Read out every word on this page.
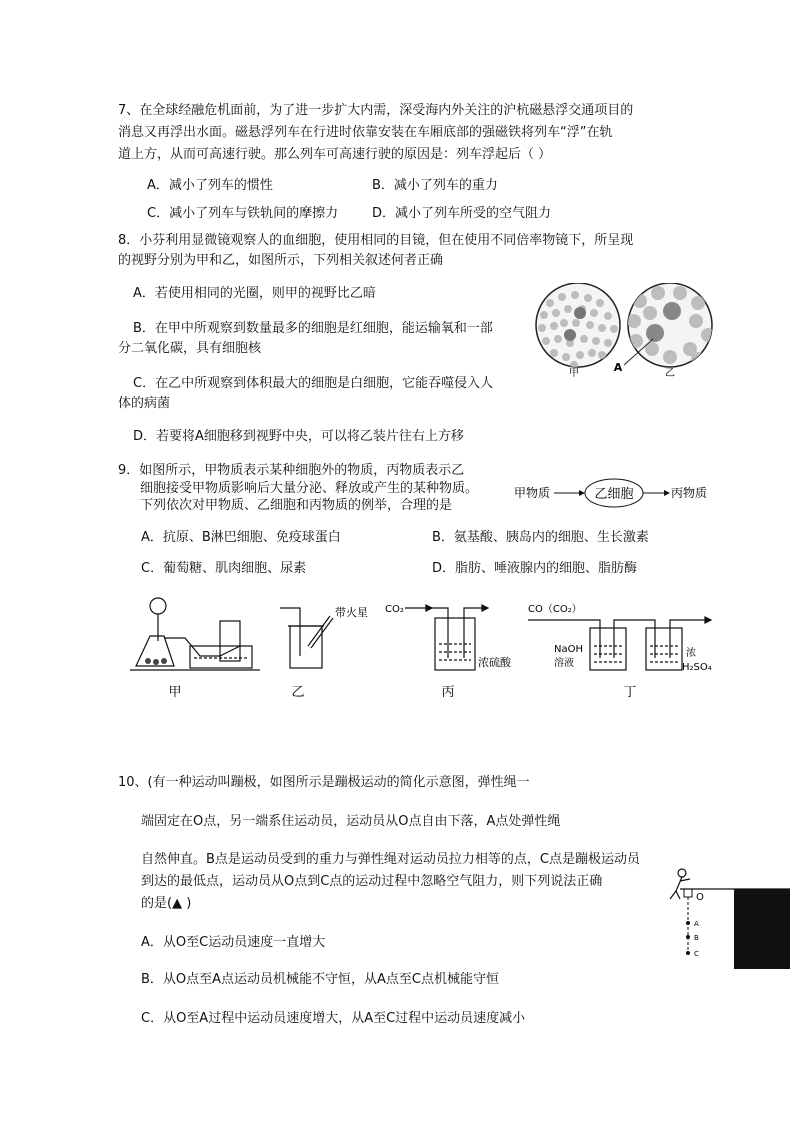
7、在全球经融危机面前，为了进一步扩大内需，深受海内外关注的沪杭磁悬浮交通项目的
消息又再浮出水面。磁悬浮列车在行进时依靠安装在车厢底部的强磁铁将列车“浮”在轨
道上方，从而可高速行驶。那么列车可高速行驶的原因是：列车浮起后（ ）
A．减小了列车的惯性	B．减小了列车的重力
C．减小了列车与铁轨间的摩擦力	D．减小了列车所受的空气阻力
8．小芬利用显微镜观察人的血细胞，使用相同的目镜，但在使用不同倍率物镜下，所呈现
的视野分别为甲和乙，如图所示，下列相关叙述何者正确
A．若使用相同的光圈，则甲的视野比乙暗
B．在甲中所观察到数量最多的细胞是红细胞，能运输氧和一部
分二氧化碳，具有细胞核
C．在乙中所观察到体积最大的细胞是白细胞，它能吞噬侵入人
体的病菌
D．若要将A细胞移到视野中央，可以将乙装片往右上方移
甲	A	乙
9．如图所示，甲物质表示某种细胞外的物质，丙物质表示乙
细胞接受甲物质影响后大量分泌、释放或产生的某种物质。
下列依次对甲物质、乙细胞和丙物质的例举，合理的是
甲物质	乙细胞	丙物质
A．抗原、B淋巴细胞、免疫球蛋白	B．氨基酸、胰岛内的细胞、生长激素
C．葡萄糖、肌肉细胞、尿素	D．脂肪、唾液腺内的细胞、脂肪酶
带火星 CO₂
浓硫酸
CO（CO₂）
NaOH
溶液
浓
H₂SO₄
甲	乙	丙	丁
10、(有一种运动叫蹦极，如图所示是蹦极运动的简化示意图，弹性绳一
端固定在O点，另一端系住运动员，运动员从O点自由下落，A点处弹性绳
自然伸直。B点是运动员受到的重力与弹性绳对运动员拉力相等的点，C点是蹦极运动员
到达的最低点，运动员从O点到C点的运动过程中忽略空气阻力，则下列说法正确
的是(▲ )
A．从O至C运动员速度一直增大
B．从O点至A点运动员机械能不守恒，从A点至C点机械能守恒
C．从O至A过程中运动员速度增大，从A至C过程中运动员速度减小
O
A
B
C
